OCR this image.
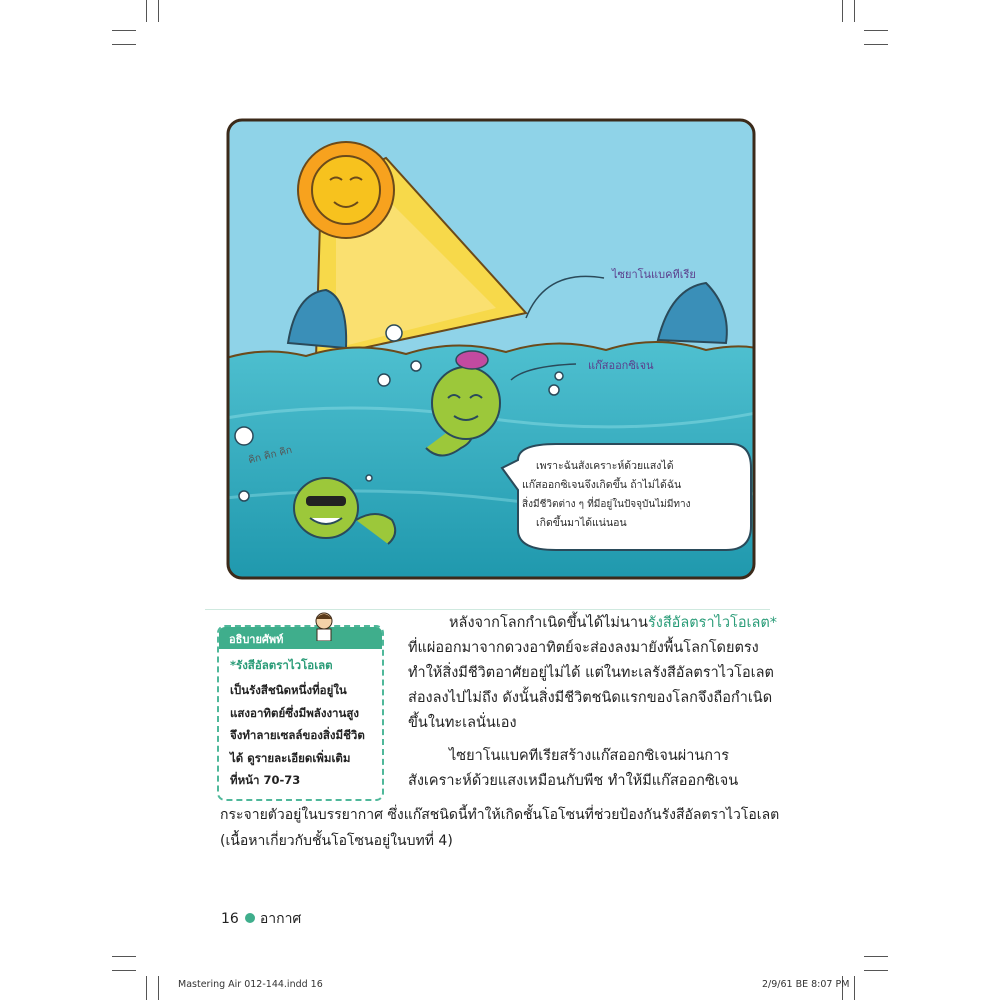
ไซยาโนแบคทีเรีย
แก๊สออกซิเจน
คิก คิก คิก	เพราะฉันสังเคราะห์ด้วยแสงได้
แก๊สออกซิเจนจึงเกิดขึ้น ถ้าไม่ได้ฉัน
สิ่งมีชีวิตต่าง ๆ ที่มีอยู่ในปัจจุบันไม่มีทาง
เกิดขึ้นมาได้แน่นอน
อธิบายศัพท์
*รังสีอัลตราไวโอเลต
เป็นรังสีชนิดหนึ่งที่อยู่ใน
แสงอาทิตย์ซึ่งมีพลังงานสูง
จึงทำลายเซลล์ของสิ่งมีชีวิต
ได้ ดูรายละเอียดเพิ่มเติม
ที่หน้า 70-73
หลังจากโลกกำเนิดขึ้นได้ไม่นานรังสีอัลตราไวโอเลต*
ที่แผ่ออกมาจากดวงอาทิตย์จะส่องลงมายังพื้นโลกโดยตรง
ทำให้สิ่งมีชีวิตอาศัยอยู่ไม่ได้ แต่ในทะเลรังสีอัลตราไวโอเลต
ส่องลงไปไม่ถึง ดังนั้นสิ่งมีชีวิตชนิดแรกของโลกจึงถือกำเนิด
ขึ้นในทะเลนั่นเอง
ไซยาโนแบคทีเรียสร้างแก๊สออกซิเจนผ่านการ
สังเคราะห์ด้วยแสงเหมือนกับพืช ทำให้มีแก๊สออกซิเจน
กระจายตัวอยู่ในบรรยากาศ ซึ่งแก๊สชนิดนี้ทำให้เกิดชั้นโอโซนที่ช่วยป้องกันรังสีอัลตราไวโอเลต
(เนื้อหาเกี่ยวกับชั้นโอโซนอยู่ในบทที่ 4)
16 อากาศ
Mastering Air 012-144.indd 16	2/9/61 BE 8:07 PM
